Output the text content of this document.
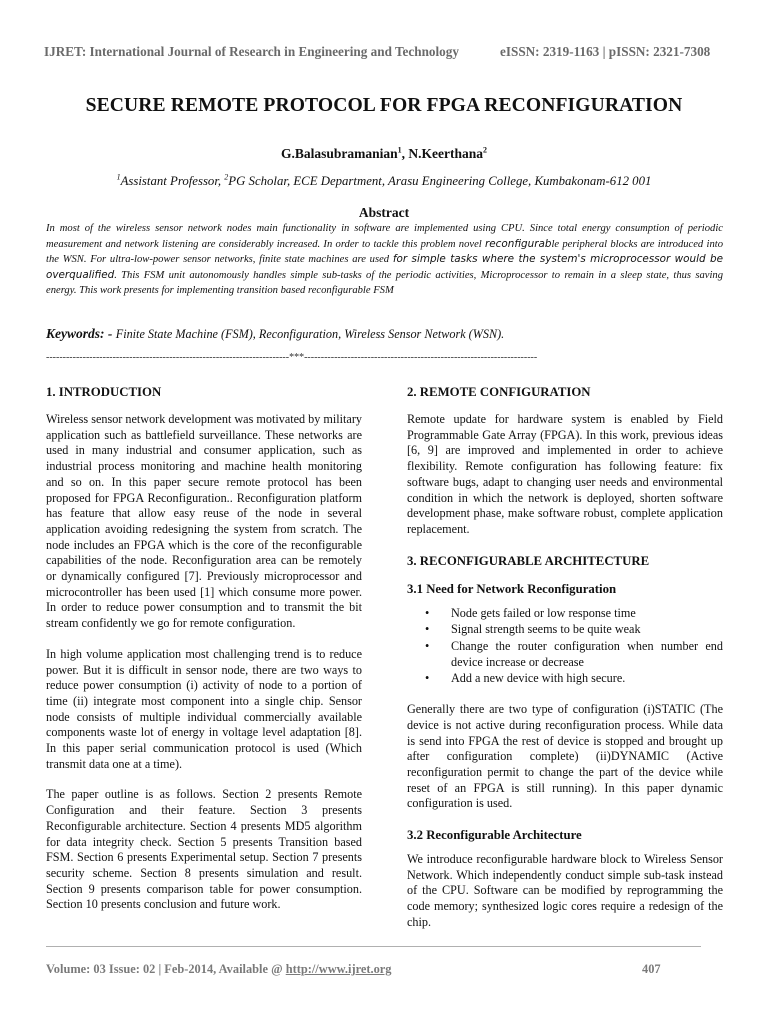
IJRET: International Journal of Research in Engineering and Technology	eISSN: 2319-1163 | pISSN: 2321-7308
SECURE REMOTE PROTOCOL FOR FPGA RECONFIGURATION
G.Balasubramanian$^1$, N.Keerthana$^2$
$^1$Assistant Professor, $^2$PG Scholar, ECE Department, Arasu Engineering College, Kumbakonam-612 001
Abstract

In most of the wireless sensor network nodes main functionality in software are implemented using CPU. Since total energy consumption of periodic measurement and network listening are considerably increased. In order to tackle this problem novel reconfigurable peripheral blocks are introduced into the WSN. For ultra-low-power sensor networks, finite state machines are used for simple tasks where the system's microprocessor would be overqualified. This FSM unit autonomously handles simple sub-tasks of the periodic activities, Microprocessor to remain in a sleep state, thus saving energy. This work presents for implementing transition based reconfigurable FSM

Keywords: - Finite State Machine (FSM), Reconfiguration, Wireless Sensor Network (WSN).

-------------------------------------------------------------------------***----------------------------------------------------------------------
1. INTRODUCTION

Wireless sensor network development was motivated by military application such as battlefield surveillance. These networks are used in many industrial and consumer application, such as industrial process monitoring and machine health monitoring and so on. In this paper secure remote protocol has been proposed for FPGA Reconfiguration.. Reconfiguration platform has feature that allow easy reuse of the node in several application avoiding redesigning the system from scratch. The node includes an FPGA which is the core of the reconfigurable capabilities of the node. Reconfiguration area can be remotely or dynamically configured [7]. Previously microprocessor and microcontroller has been used [1] which consume more power. In order to reduce power consumption and to transmit the bit stream confidently we go for remote configuration.

In high volume application most challenging trend is to reduce power. But it is difficult in sensor node, there are two ways to reduce power consumption (i) activity of node to a portion of time (ii) integrate most component into a single chip. Sensor node consists of multiple individual commercially available components waste lot of energy in voltage level adaptation [8]. In this paper serial communication protocol is used (Which transmit data one at a time).

The paper outline is as follows. Section 2 presents Remote Configuration and their feature. Section 3 presents Reconfigurable architecture. Section 4 presents MD5 algorithm for data integrity check. Section 5 presents Transition based FSM. Section 6 presents Experimental setup. Section 7 presents security scheme. Section 8 presents simulation and result. Section 9 presents comparison table for power consumption. Section 10 presents conclusion and future work.

2. REMOTE CONFIGURATION

Remote update for hardware system is enabled by Field Programmable Gate Array (FPGA). In this work, previous ideas [6, 9] are improved and implemented in order to achieve flexibility. Remote configuration has following feature: fix software bugs, adapt to changing user needs and environmental condition in which the network is deployed, shorten software development phase, make software robust, complete application replacement.

3. RECONFIGURABLE ARCHITECTURE
3.1 Need for Network Reconfiguration
• Node gets failed or low response time
• Signal strength seems to be quite weak
• Change the router configuration when number end device increase or decrease
• Add a new device with high secure.

Generally there are two type of configuration (i)STATIC (The device is not active during reconfiguration process. While data is send into FPGA the rest of device is stopped and brought up after configuration complete) (ii)DYNAMIC (Active reconfiguration permit to change the part of the device while reset of an FPGA is still running). In this paper dynamic configuration is used.

3.2 Reconfigurable Architecture

We introduce reconfigurable hardware block to Wireless Sensor Network. Which independently conduct simple sub-task instead of the CPU. Software can be modified by reprogramming the code memory; synthesized logic cores require a redesign of the chip.

Volume: 03 Issue: 02 | Feb-2014, Available @ http://www.ijret.org	407
